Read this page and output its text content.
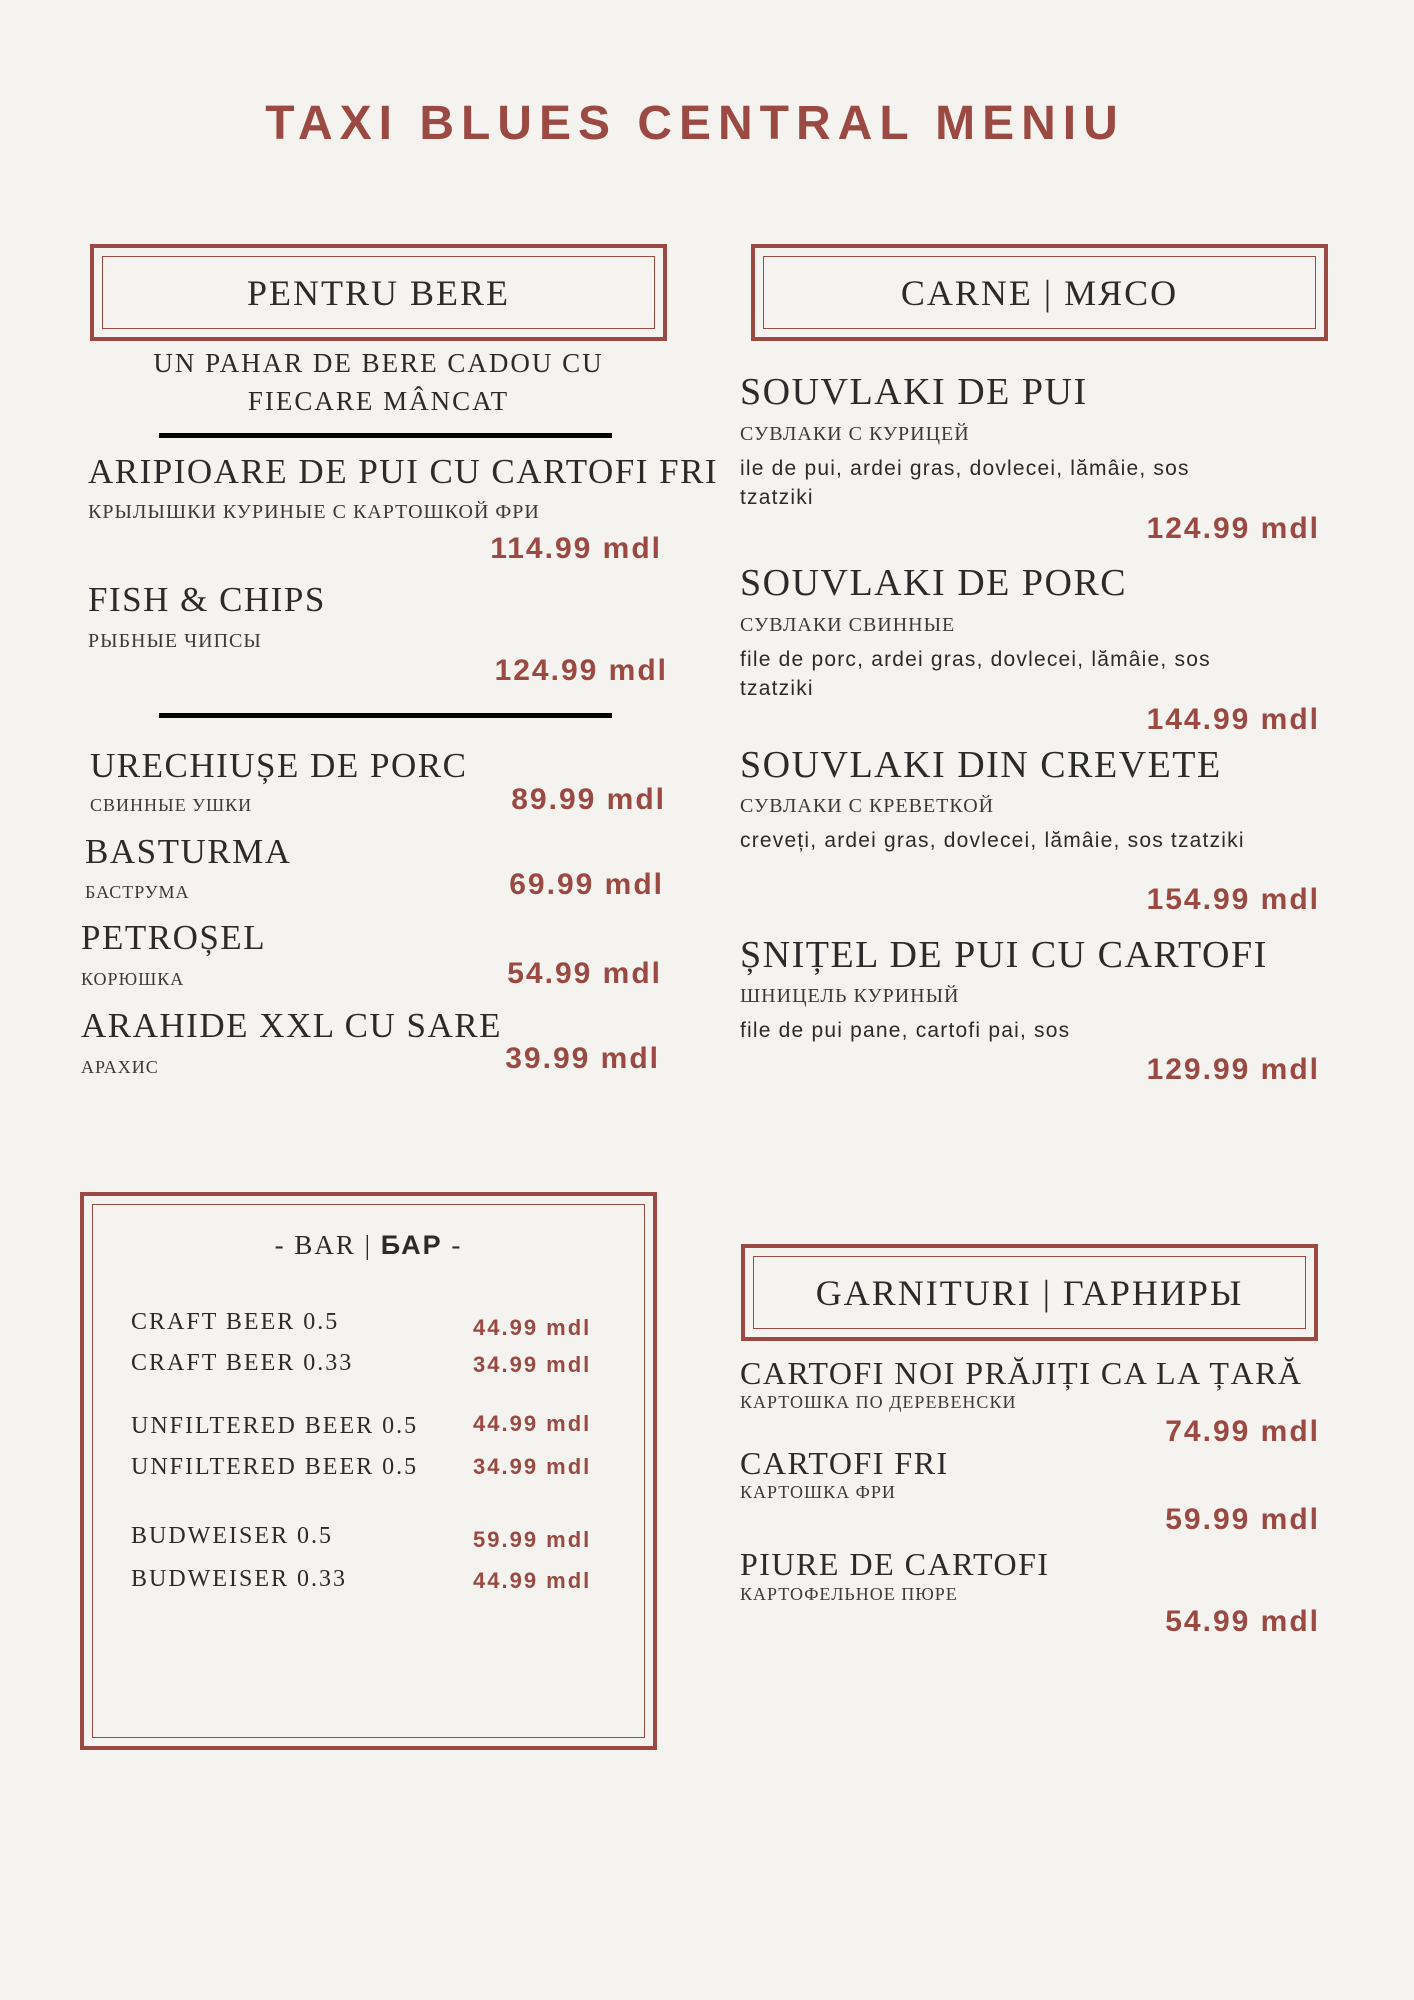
TAXI BLUES CENTRAL MENIU
PENTRU BERE
UN PAHAR DE BERE CADOU CU
FIECARE MÂNCAT
ARIPIOARE DE PUI CU CARTOFI FRI
КРЫЛЫШКИ КУРИНЫЕ С КАРТОШКОЙ ФРИ
114.99 mdl
FISH & CHIPS
РЫБНЫЕ ЧИПСЫ
124.99 mdl
URECHIUȘE DE PORC
СВИННЫЕ УШКИ	89.99 mdl
BASTURMA
БАСТРУМА	69.99 mdl
PETROȘEL
КОРЮШКА	54.99 mdl
ARAHIDE XXL CU SARE
АРАХИС	39.99 mdl
CARNE | МЯСО
SOUVLAKI DE PUI
СУВЛАКИ С КУРИЦЕЙ
ile de pui, ardei gras, dovlecei, lămâie, sos tzatziki
124.99 mdl
SOUVLAKI DE PORC
СУВЛАКИ СВИННЫЕ
file de porc, ardei gras, dovlecei, lămâie, sos tzatziki
144.99 mdl
SOUVLAKI DIN CREVETE
СУВЛАКИ С КРЕВЕТКОЙ
creveți, ardei gras, dovlecei, lămâie, sos tzatziki
154.99 mdl
ȘNIȚEL DE PUI CU CARTOFI
ШНИЦЕЛЬ КУРИНЫЙ
file de pui pane, cartofi pai, sos
129.99 mdl
- BAR | БАР -
CRAFT BEER 0.5	44.99 mdl
CRAFT BEER 0.33	34.99 mdl
UNFILTERED BEER 0.5 44.99 mdl
UNFILTERED BEER 0.5 34.99 mdl
BUDWEISER 0.5	59.99 mdl
BUDWEISER 0.33	44.99 mdl
GARNITURI | ГАРНИРЫ
CARTOFI NOI PRĂJIȚI CA LA ȚARĂ
КАРТОШКА ПО ДЕРЕВЕНСКИ
74.99 mdl
CARTOFI FRI
КАРТОШКА ФРИ
59.99 mdl
PIURE DE CARTOFI
КАРТОФЕЛЬНОЕ ПЮРЕ
54.99 mdl
